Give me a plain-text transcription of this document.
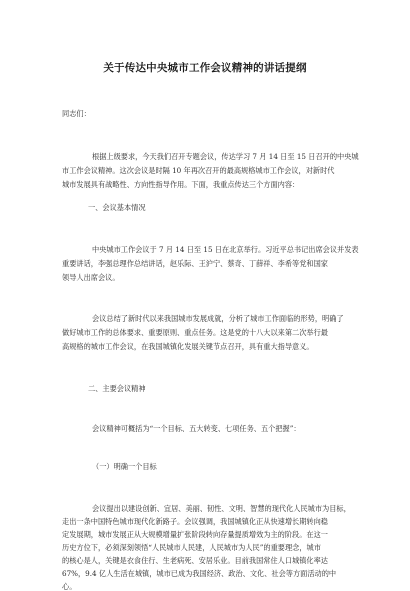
关于传达中央城市工作会议精神的讲话提纲
同志们：
根据上级要求，今天我们召开专题会议，传达学习 7 月 14 日至 15 日召开的中央城
市工作会议精神。这次会议是时隔 10 年再次召开的最高规格城市工作会议，对新时代
城市发展具有战略性、方向性指导作用。下面，我重点传达三个方面内容：
一、会议基本情况
中央城市工作会议于 7 月 14 日至 15 日在北京举行。习近平总书记出席会议并发表
重要讲话，李强总理作总结讲话，赵乐际、王沪宁、蔡奇、丁薛祥、李希等党和国家
领导人出席会议。
会议总结了新时代以来我国城市发展成就，分析了城市工作面临的形势，明确了
做好城市工作的总体要求、重要原则、重点任务。这是党的十八大以来第二次举行最
高规格的城市工作会议，在我国城镇化发展关键节点召开，具有重大指导意义。
二、主要会议精神
会议精神可概括为“一个目标、五大转变、七项任务、五个把握”：
（一）明确一个目标
会议提出以建设创新、宜居、美丽、韧性、文明、智慧的现代化人民城市为目标，
走出一条中国特色城市现代化新路子。会议强调，我国城镇化正从快速增长期转向稳
定发展期，城市发展正从大规模增量扩张阶段转向存量提质增效为主的阶段。在这一
历史方位下，必须深刻领悟“人民城市人民建，人民城市为人民”的重要理念，城市
的核心是人，关键是衣食住行、生老病死、安居乐业。目前我国常住人口城镇化率达
67%，9.4 亿人生活在城镇，城市已成为我国经济、政治、文化、社会等方面活动的中
心。
